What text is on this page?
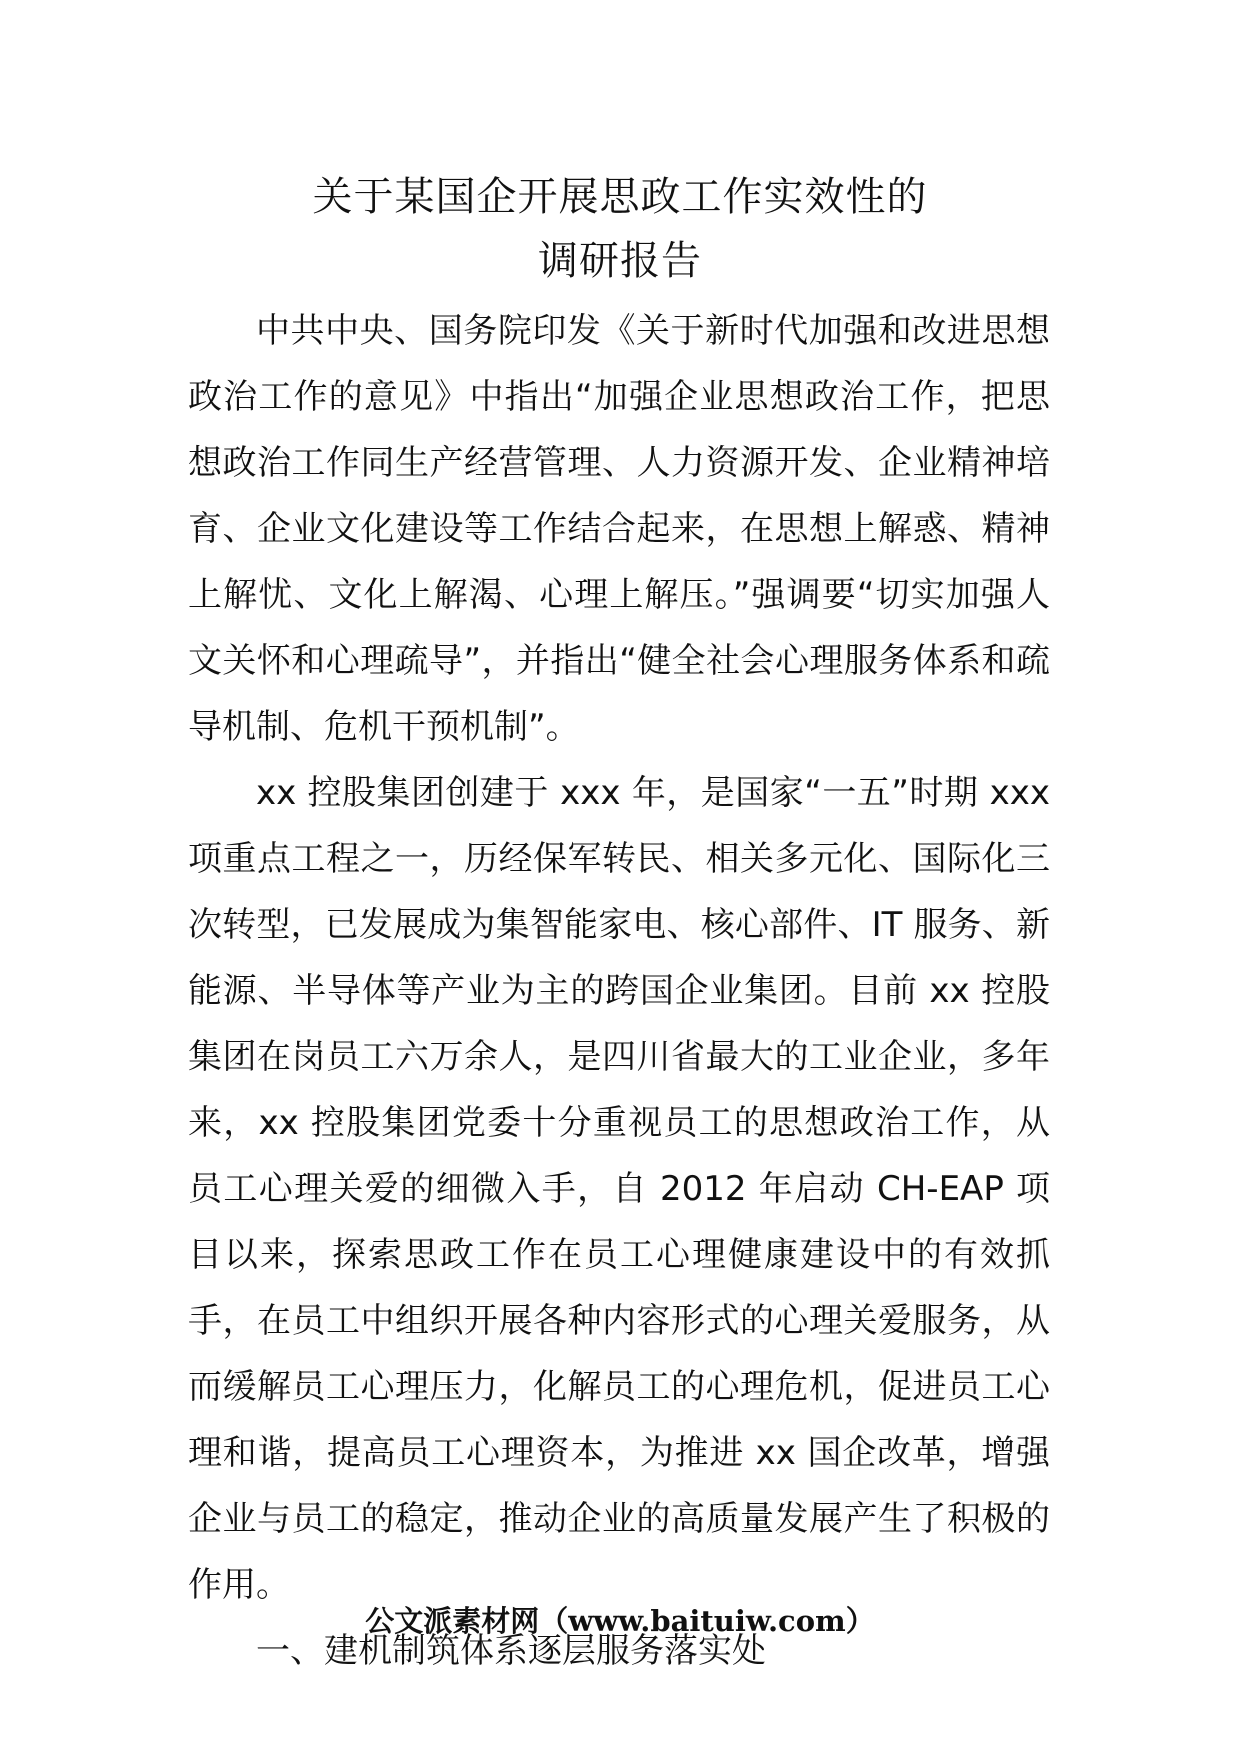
关于某国企开展思政工作实效性的
调研报告

中共中央、国务院印发《关于新时代加强和改进思想政治工作的意见》中指出“加强企业思想政治工作，把思想政治工作同生产经营管理、人力资源开发、企业精神培育、企业文化建设等工作结合起来，在思想上解惑、精神上解忧、文化上解渴、心理上解压。”强调要“切实加强人文关怀和心理疏导”，并指出“健全社会心理服务体系和疏导机制、危机干预机制”。

xx 控股集团创建于 xxx 年，是国家“一五”时期 xxx 项重点工程之一，历经保军转民、相关多元化、国际化三次转型，已发展成为集智能家电、核心部件、IT 服务、新能源、半导体等产业为主的跨国企业集团。目前 xx 控股集团在岗员工六万余人，是四川省最大的工业企业，多年来，xx 控股集团党委十分重视员工的思想政治工作，从员工心理关爱的细微入手，自 2012 年启动 CH-EAP 项目以来，探索思政工作在员工心理健康建设中的有效抓手，在员工中组织开展各种内容形式的心理关爱服务，从而缓解员工心理压力，化解员工的心理危机，促进员工心理和谐，提高员工心理资本，为推进 xx 国企改革，增强企业与员工的稳定，推动企业的高质量发展产生了积极的作用。

一、建机制筑体系逐层服务落实处

公文派素材网（www.baituiw.com）
